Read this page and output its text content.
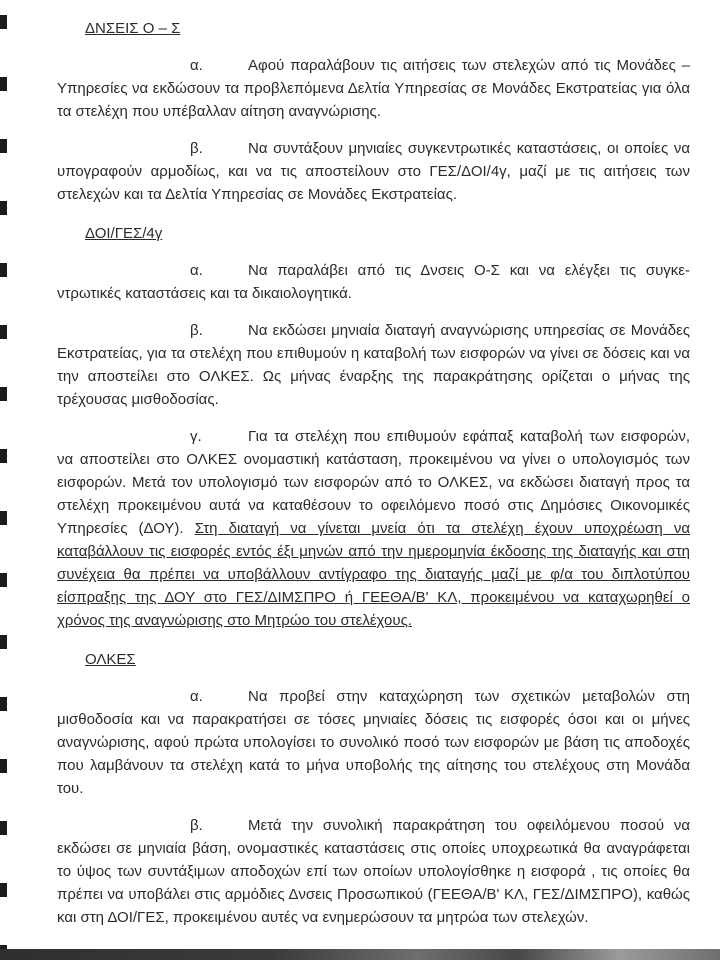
ΔΝΣΕΙΣ Ο – Σ

α.	Αφού παραλάβουν τις αιτήσεις των στελεχών από τις Μονάδες – Υπηρεσίες να εκδώσουν τα προβλεπόμενα Δελτία Υπηρεσίας σε Μονάδες Εκστρατείας για όλα τα στελέχη που υπέβαλλαν αίτηση αναγνώρισης.

β.	Να συντάξουν μηνιαίες συγκεντρωτικές καταστάσεις, οι οποίες να υπογραφούν αρμοδίως, και να τις αποστείλουν στο ΓΕΣ/ΔΟΙ/4γ, μαζί με τις αιτήσεις των στελεχών και τα Δελτία Υπηρεσίας σε Μονάδες Εκστρατείας.

ΔΟΙ/ΓΕΣ/4γ

α.	Να παραλάβει από τις Δνσεις Ο-Σ και να ελέγξει τις συγκεντρωτικές καταστάσεις και τα δικαιολογητικά.

β.	Να εκδώσει μηνιαία διαταγή αναγνώρισης υπηρεσίας σε Μονάδες Εκστρατείας, για τα στελέχη που επιθυμούν η καταβολή των εισφορών να γίνει σε δόσεις και να την αποστείλει στο ΟΛΚΕΣ. Ως μήνας έναρξης της παρακράτησης ορίζεται ο μήνας της τρέχουσας μισθοδοσίας.

γ.	Για τα στελέχη που επιθυμούν εφάπαξ καταβολή των εισφορών, να αποστείλει στο ΟΛΚΕΣ ονομαστική κατάσταση, προκειμένου να γίνει ο υπολογισμός των εισφορών. Μετά τον υπολογισμό των εισφορών από το ΟΛΚΕΣ, να εκδώσει διαταγή προς τα στελέχη προκειμένου αυτά να καταθέσουν το οφειλόμενο ποσό στις Δημόσιες Οικονομικές Υπηρεσίες (ΔΟΥ). Στη διαταγή να γίνεται μνεία ότι τα στελέχη έχουν υποχρέωση να καταβάλλουν τις εισφορές εντός έξι μηνών από την ημερομηνία έκδοσης της διαταγής και στη συνέχεια θα πρέπει να υποβάλλουν αντίγραφο της διαταγής μαζί με φ/α του διπλοτύπου είσπραξης της ΔΟΥ στο ΓΕΣ/ΔΙΜΣΠΡΟ ή ΓΕΕΘΑ/Β' ΚΛ, προκειμένου να καταχωρηθεί ο χρόνος της αναγνώρισης στο Μητρώο του στελέχους.

ΟΛΚΕΣ

α.	Να προβεί στην καταχώρηση των σχετικών μεταβολών στη μισθοδοσία και να παρακρατήσει σε τόσες μηνιαίες δόσεις τις εισφορές όσοι και οι μήνες αναγνώρισης, αφού πρώτα υπολογίσει το συνολικό ποσό των εισφορών με βάση τις αποδοχές που λαμβάνουν τα στελέχη κατά το μήνα υποβολής της αίτησης του στελέχους στη Μονάδα του.

β.	Μετά την συνολική παρακράτηση του οφειλόμενου ποσού να εκδώσει σε μηνιαία βάση, ονομαστικές καταστάσεις στις οποίες υποχρεωτικά θα αναγράφεται το ύψος των συντάξιμων αποδοχών επί των οποίων υπολογίσθηκε η εισφορά , τις οποίες θα πρέπει να υποβάλει στις αρμόδιες Δνσεις Προσωπικού (ΓΕΕΘΑ/Β' ΚΛ, ΓΕΣ/ΔΙΜΣΠΡΟ), καθώς και στη ΔΟΙ/ΓΕΣ, προκειμένου αυτές να ενημερώσουν τα μητρώα των στελεχών.
